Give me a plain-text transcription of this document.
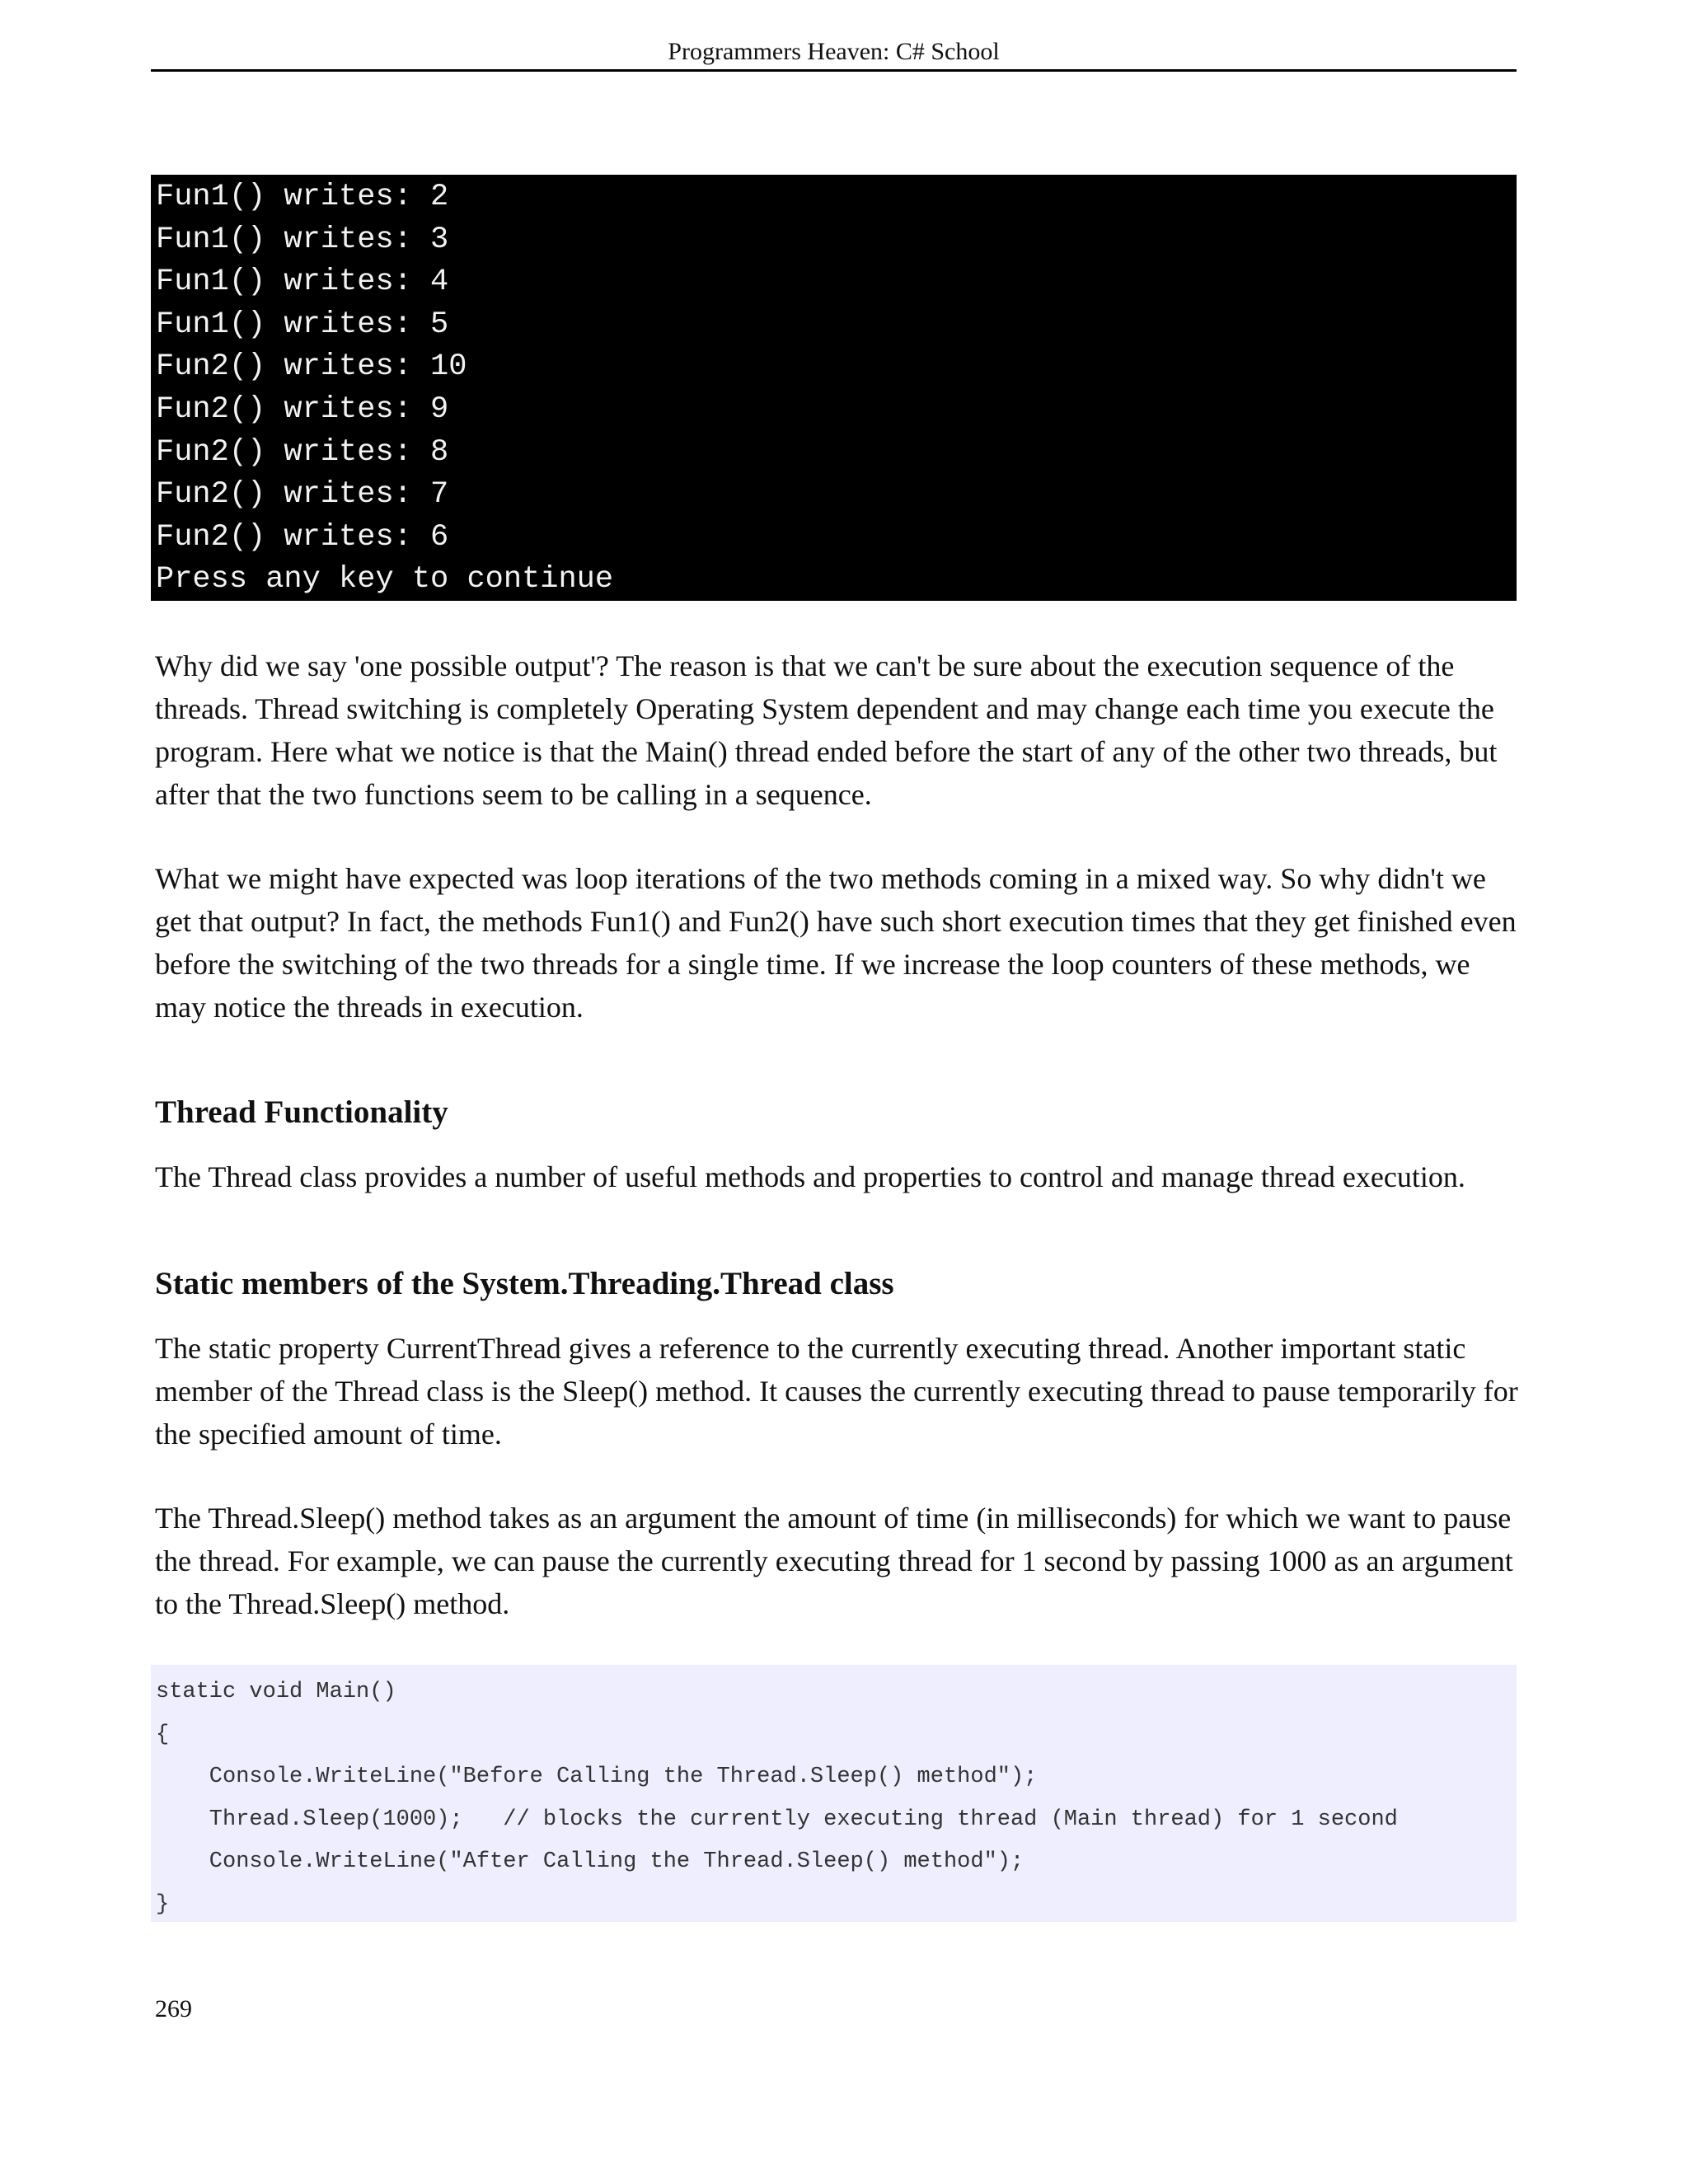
Programmers Heaven: C# School
Fun1() writes: 2
Fun1() writes: 3
Fun1() writes: 4
Fun1() writes: 5
Fun2() writes: 10
Fun2() writes: 9
Fun2() writes: 8
Fun2() writes: 7
Fun2() writes: 6
Press any key to continue

Why did we say 'one possible output'? The reason is that we can't be sure about the execution sequence of the threads. Thread switching is completely Operating System dependent and may change each time you execute the program. Here what we notice is that the Main() thread ended before the start of any of the other two threads, but after that the two functions seem to be calling in a sequence.

What we might have expected was loop iterations of the two methods coming in a mixed way. So why didn't we get that output? In fact, the methods Fun1() and Fun2() have such short execution times that they get finished even before the switching of the two threads for a single time. If we increase the loop counters of these methods, we may notice the threads in execution.

Thread Functionality

The Thread class provides a number of useful methods and properties to control and manage thread execution.

Static members of the System.Threading.Thread class

The static property CurrentThread gives a reference to the currently executing thread. Another important static member of the Thread class is the Sleep() method. It causes the currently executing thread to pause temporarily for the specified amount of time.

The Thread.Sleep() method takes as an argument the amount of time (in milliseconds) for which we want to pause the thread. For example, we can pause the currently executing thread for 1 second by passing 1000 as an argument to the Thread.Sleep() method.

static void Main()
{
Console.WriteLine("Before Calling the Thread.Sleep() method");
Thread.Sleep(1000);   // blocks the currently executing thread (Main thread) for 1 second
Console.WriteLine("After Calling the Thread.Sleep() method");
}
269
